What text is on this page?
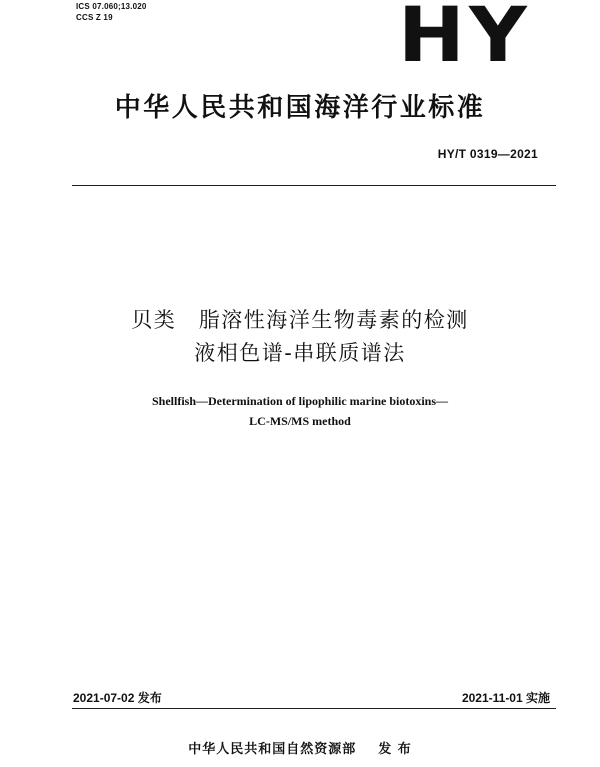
ICS 07.060;13.020
CCS Z 19	HY
中华人民共和国海洋行业标准
HY/T 0319—2021
贝类　脂溶性海洋生物毒素的检测
液相色谱-串联质谱法
Shellfish—Determination of lipophilic marine biotoxins—
LC-MS/MS method
2021-07-02 发布	2021-11-01 实施
中华人民共和国自然资源部 发 布
